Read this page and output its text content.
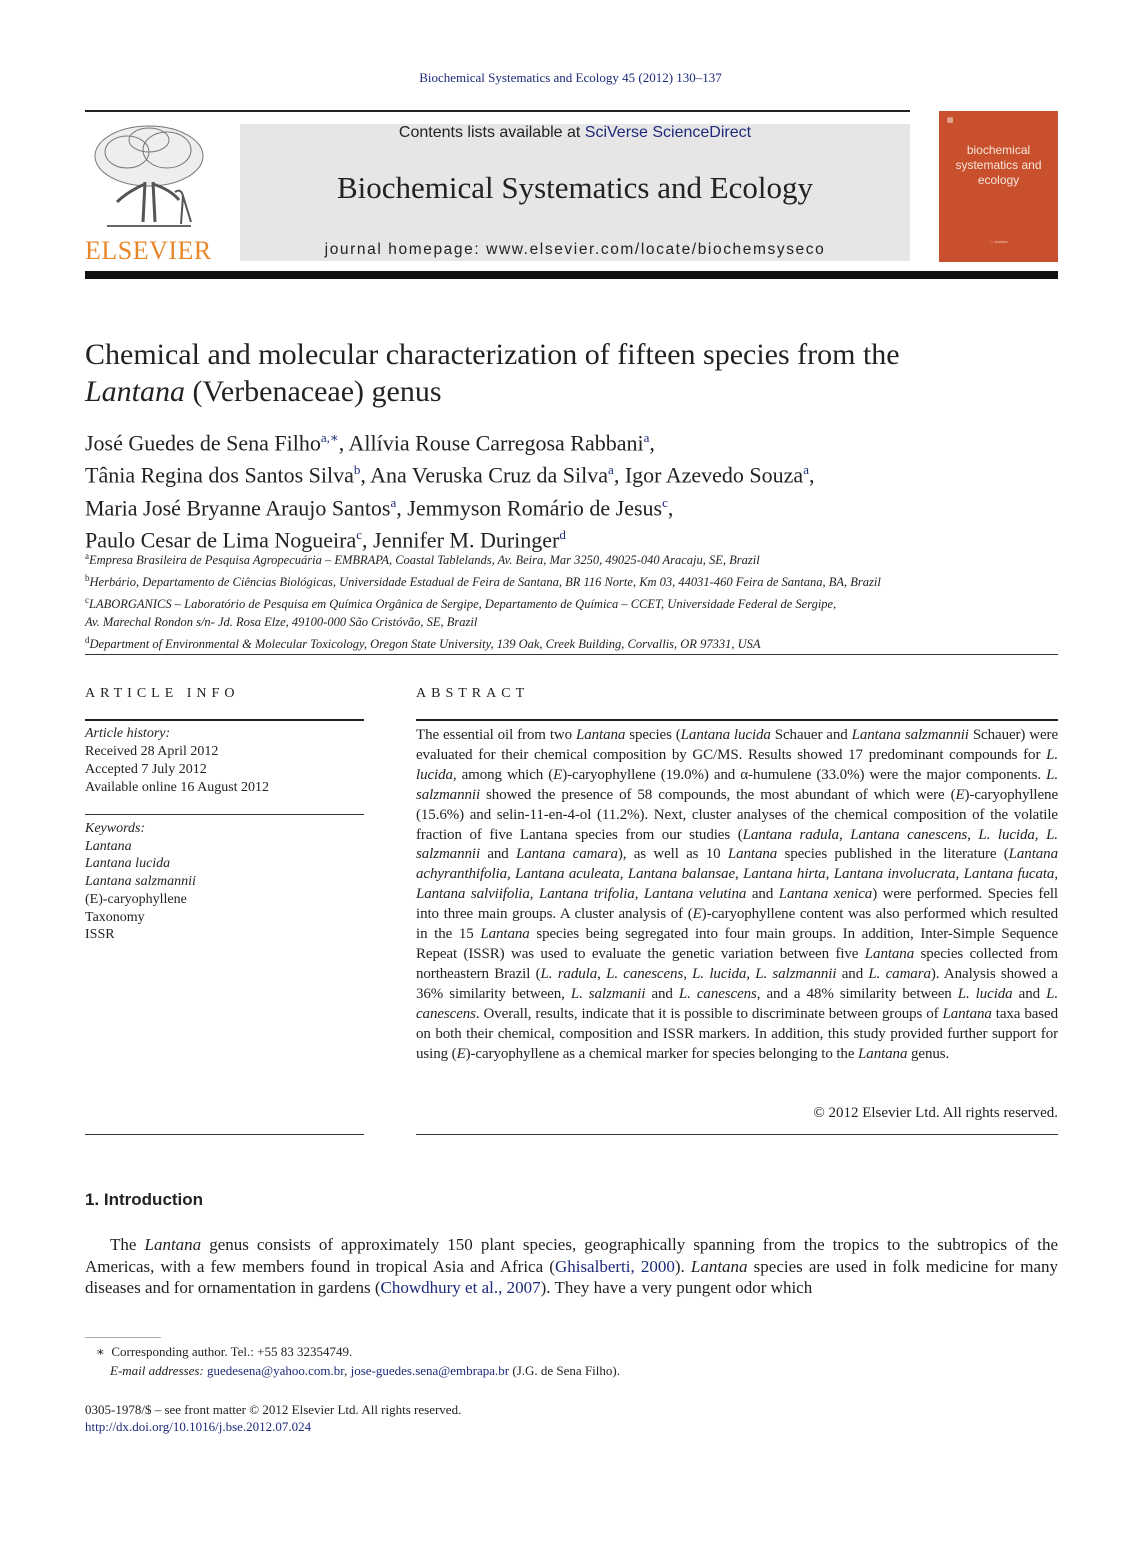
Biochemical Systematics and Ecology 45 (2012) 130–137
ELSEVIER
Contents lists available at SciVerse ScienceDirect
Biochemical Systematics and Ecology
journal homepage: www.elsevier.com/locate/biochemsyseco
▦
biochemical systematics and ecology
◌ ═══
Chemical and molecular characterization of fifteen species from the
Lantana (Verbenaceae) genus
José Guedes de Sena Filho$^{a,∗}$, Allívia Rouse Carregosa Rabbani$^a$,
Tânia Regina dos Santos Silva$^b$, Ana Veruska Cruz da Silva$^a$, Igor Azevedo Souza$^a$,
Maria José Bryanne Araujo Santos$^a$, Jemmyson Romário de Jesus$^c$,
Paulo Cesar de Lima Nogueira$^c$, Jennifer M. Duringer$^d$
$^a$Empresa Brasileira de Pesquisa Agropecuária – EMBRAPA, Coastal Tablelands, Av. Beira, Mar 3250, 49025-040 Aracaju, SE, Brazil
$^b$Herbário, Departamento de Ciências Biológicas, Universidade Estadual de Feira de Santana, BR 116 Norte, Km 03, 44031-460 Feira de Santana, BA, Brazil
$^c$LABORGANICS – Laboratório de Pesquisa em Química Orgânica de Sergipe, Departamento de Química – CCET, Universidade Federal de Sergipe,
Av. Marechal Rondon s/n- Jd. Rosa Elze, 49100-000 São Cristóvão, SE, Brazil
$^d$Department of Environmental & Molecular Toxicology, Oregon State University, 139 Oak, Creek Building, Corvallis, OR 97331, USA
ARTICLE INFO	ABSTRACT
Article history:
Received 28 April 2012
Accepted 7 July 2012
Available online 16 August 2012
Keywords:
Lantana
Lantana lucida
Lantana salzmannii
(E)-caryophyllene
Taxonomy
ISSR
The essential oil from two Lantana species (Lantana lucida Schauer and Lantana salzmannii Schauer) were evaluated for their chemical composition by GC/MS. Results showed 17 predominant compounds for L. lucida, among which (E)-caryophyllene (19.0%) and α-humulene (33.0%) were the major components. L. salzmannii showed the presence of 58 compounds, the most abundant of which were (E)-caryophyllene (15.6%) and selin-11-en-4-ol (11.2%). Next, cluster analyses of the chemical composition of the volatile fraction of five Lantana species from our studies (Lantana radula, Lantana canescens, L. lucida, L. salzmannii and Lantana camara), as well as 10 Lantana species published in the literature (Lantana achyranthifolia, Lantana aculeata, Lantana balansae, Lantana hirta, Lantana involucrata, Lantana fucata, Lantana salviifolia, Lantana trifolia, Lantana velutina and Lantana xenica) were performed. Species fell into three main groups. A cluster analysis of (E)-caryophyllene content was also performed which resulted in the 15 Lantana species being segregated into four main groups. In addition, Inter-Simple Sequence Repeat (ISSR) was used to evaluate the genetic variation between five Lantana species collected from northeastern Brazil (L. radula, L. canescens, L. lucida, L. salzmannii and L. camara). Analysis showed a 36% similarity between, L. salzmanii and L. canescens, and a 48% similarity between L. lucida and L. canescens. Overall, results, indicate that it is possible to discriminate between groups of Lantana taxa based on both their chemical, composition and ISSR markers. In addition, this study provided further support for using (E)-caryophyllene as a chemical marker for species belonging to the Lantana genus.
© 2012 Elsevier Ltd. All rights reserved.
1. Introduction
The Lantana genus consists of approximately 150 plant species, geographically spanning from the tropics to the subtropics of the Americas, with a few members found in tropical Asia and Africa (Ghisalberti, 2000). Lantana species are used in folk medicine for many diseases and for ornamentation in gardens (Chowdhury et al., 2007). They have a very pungent odor which
∗ Corresponding author. Tel.: +55 83 32354749.
E-mail addresses: guedesena@yahoo.com.br, jose-guedes.sena@embrapa.br (J.G. de Sena Filho).
0305-1978/$ – see front matter © 2012 Elsevier Ltd. All rights reserved.
http://dx.doi.org/10.1016/j.bse.2012.07.024
